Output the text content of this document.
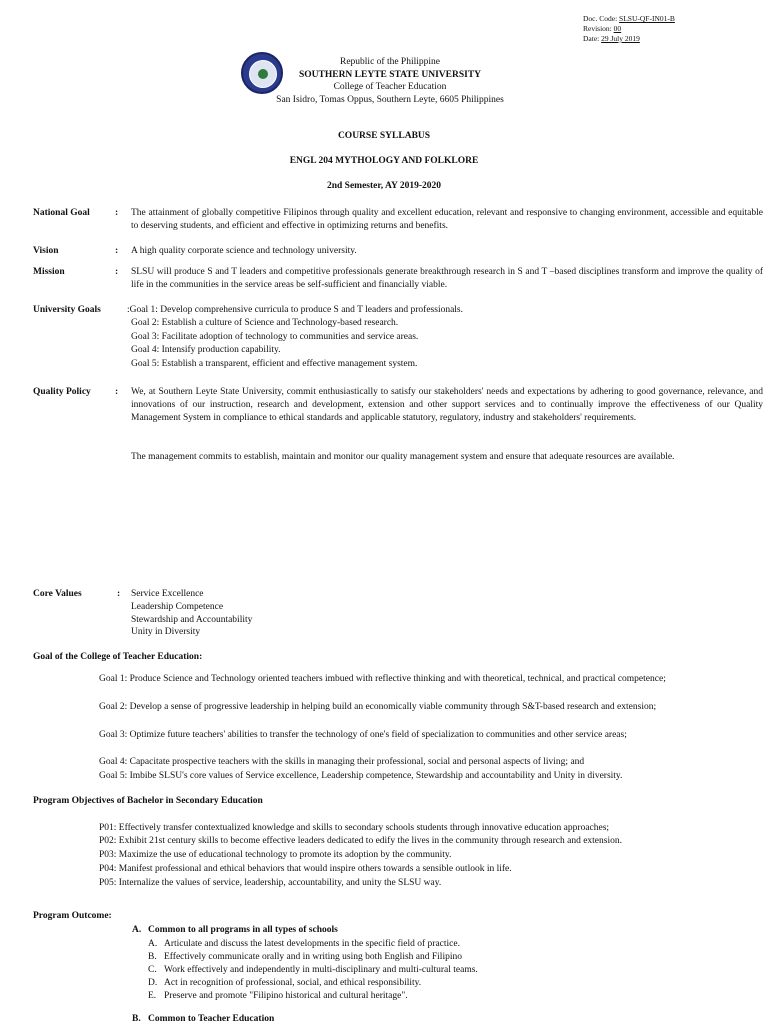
Doc. Code: SLSU-QF-IN01-B
Revision: 00
Date: 29 July 2019
Republic of the Philippine
SOUTHERN LEYTE STATE UNIVERSITY
College of Teacher Education
San Isidro, Tomas Oppus, Southern Leyte, 6605 Philippines
COURSE SYLLABUS
ENGL 204 MYTHOLOGY AND FOLKLORE
2nd Semester, AY 2019-2020
National Goal	: The attainment of globally competitive Filipinos through quality and excellent education, relevant and responsive to changing environment, accessible and equitable to deserving students, and efficient and effective in optimizing returns and benefits.
Vision	: A high quality corporate science and technology university.
Mission	: SLSU will produce S and T leaders and competitive professionals generate breakthrough research in S and T –based disciplines transform and improve the quality of life in the communities in the service areas be self-sufficient and financially viable.
University Goals	:Goal 1: Develop comprehensive curricula to produce S and T leaders and professionals.
Goal 2: Establish a culture of Science and Technology-based research.
Goal 3: Facilitate adoption of technology to communities and service areas.
Goal 4: Intensify production capability.
Goal 5: Establish a transparent, efficient and effective management system.
Quality Policy	: We, at Southern Leyte State University, commit enthusiastically to satisfy our stakeholders' needs and expectations by adhering to good governance, relevance, and innovations of our instruction, research and development, extension and other support services and to continually improve the effectiveness of our Quality Management System in compliance to ethical standards and applicable statutory, regulatory, industry and stakeholders' requirements.
The management commits to establish, maintain and monitor our quality management system and ensure that adequate resources are available.
Core Values	: Service Excellence
Leadership Competence
Stewardship and Accountability
Unity in Diversity
Goal of the College of Teacher Education:
Goal 1: Produce Science and Technology oriented teachers imbued with reflective thinking and with theoretical, technical, and practical competence;
Goal 2: Develop a sense of progressive leadership in helping build an economically viable community through S&T-based research and extension;
Goal 3: Optimize future teachers' abilities to transfer the technology of one's field of specialization to communities and other service areas;
Goal 4: Capacitate prospective teachers with the skills in managing their professional, social and personal aspects of living; and
Goal 5: Imbibe SLSU's core values of Service excellence, Leadership competence, Stewardship and accountability and Unity in diversity.
Program Objectives of Bachelor in Secondary Education
P01: Effectively transfer contextualized knowledge and skills to secondary schools students through innovative education approaches;
P02: Exhibit 21st century skills to become effective leaders dedicated to edify the lives in the community through research and extension.
P03: Maximize the use of educational technology to promote its adoption by the community.
P04: Manifest professional and ethical behaviors that would inspire others towards a sensible outlook in life.
P05: Internalize the values of service, leadership, accountability, and unity the SLSU way.
Program Outcome:
A. Common to all programs in all types of schools
A. Articulate and discuss the latest developments in the specific field of practice.
B. Effectively communicate orally and in writing using both English and Filipino
C. Work effectively and independently in multi-disciplinary and multi-cultural teams.
D. Act in recognition of professional, social, and ethical responsibility.
E. Preserve and promote "Filipino historical and cultural heritage".
B. Common to Teacher Education
